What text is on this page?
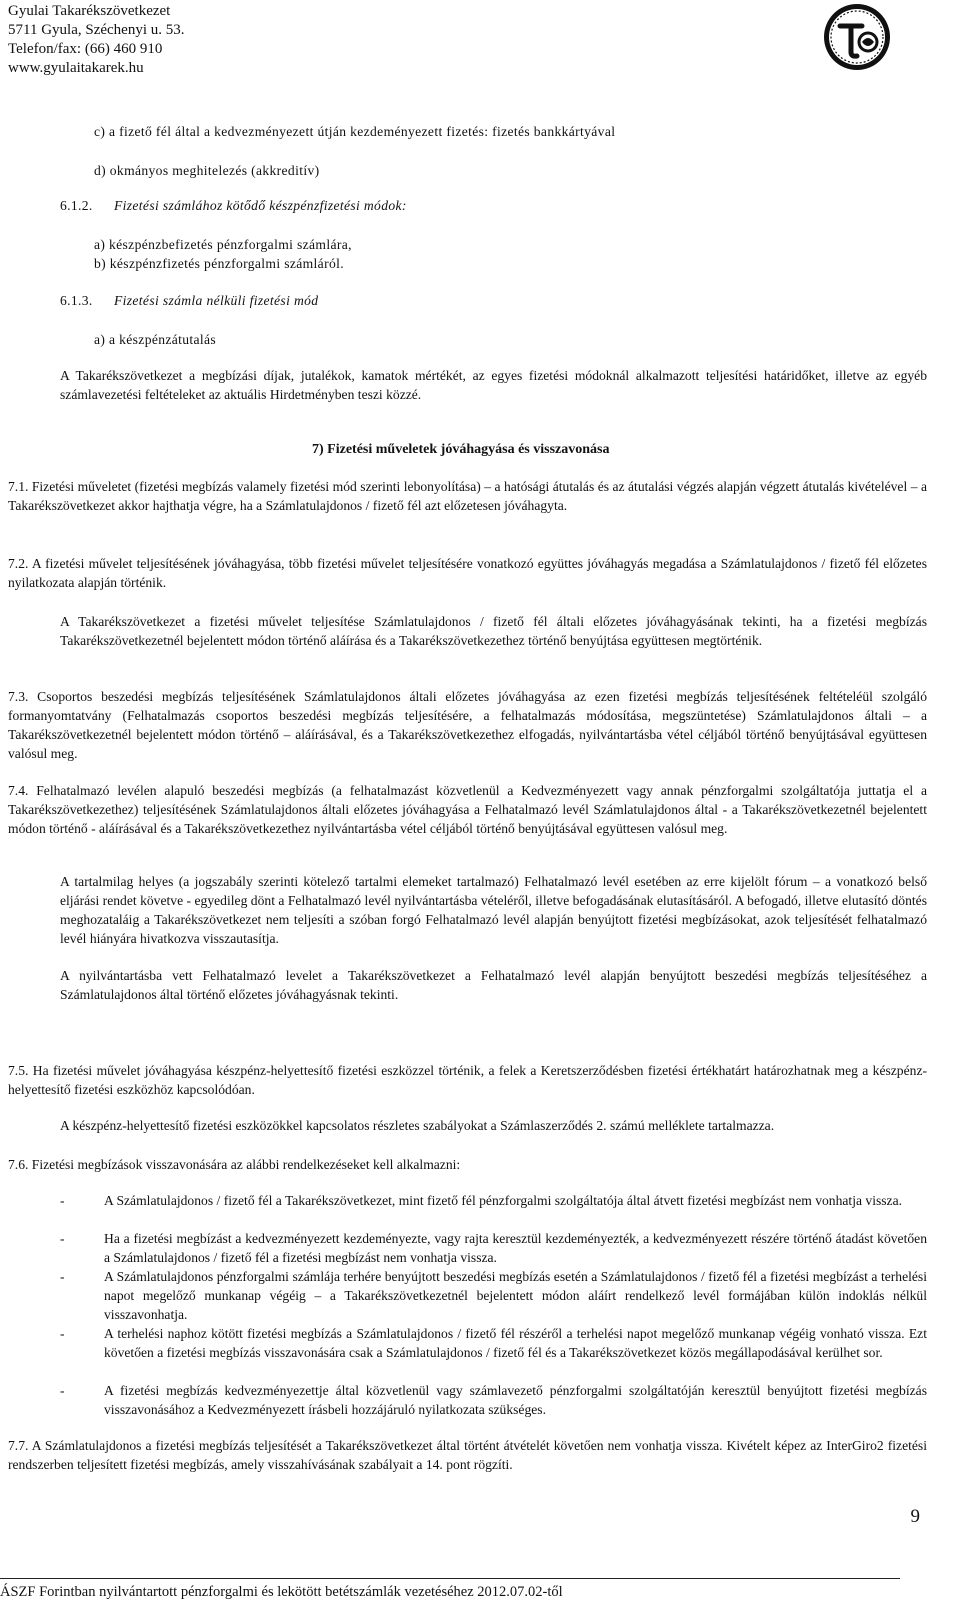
Gyulai Takarékszövetkezet
5711 Gyula, Széchenyi u. 53.
Telefon/fax: (66) 460 910
www.gyulaitakarek.hu
c) a fizető fél által a kedvezményezett útján kezdeményezett fizetés: fizetés bankkártyával
d) okmányos meghitelezés (akkreditív)
6.1.2. Fizetési számlához kötődő készpénzfizetési módok:
a) készpénzbefizetés pénzforgalmi számlára,
b) készpénzfizetés pénzforgalmi számláról.
6.1.3. Fizetési számla nélküli fizetési mód
a) a készpénzátutalás
A Takarékszövetkezet a megbízási díjak, jutalékok, kamatok mértékét, az egyes fizetési módoknál alkalmazott teljesítési határidőket, illetve az egyéb számlavezetési feltételeket az aktuális Hirdetményben teszi közzé.
7) Fizetési műveletek jóváhagyása és visszavonása
7.1. Fizetési műveletet (fizetési megbízás valamely fizetési mód szerinti lebonyolítása) – a hatósági átutalás és az átutalási végzés alapján végzett átutalás kivételével – a Takarékszövetkezet akkor hajthatja végre, ha a Számlatulajdonos / fizető fél azt előzetesen jóváhagyta.
7.2. A fizetési művelet teljesítésének jóváhagyása, több fizetési művelet teljesítésére vonatkozó együttes jóváhagyás megadása a Számlatulajdonos / fizető fél előzetes nyilatkozata alapján történik.
A Takarékszövetkezet a fizetési művelet teljesítése Számlatulajdonos / fizető fél általi előzetes jóváhagyásának tekinti, ha a fizetési megbízás Takarékszövetkezetnél bejelentett módon történő aláírása és a Takarékszövetkezethez történő benyújtása együttesen megtörténik.
7.3. Csoportos beszedési megbízás teljesítésének Számlatulajdonos általi előzetes jóváhagyása az ezen fizetési megbízás teljesítésének feltételéül szolgáló formanyomtatvány (Felhatalmazás csoportos beszedési megbízás teljesítésére, a felhatalmazás módosítása, megszüntetése) Számlatulajdonos általi – a Takarékszövetkezetnél bejelentett módon történő – aláírásával, és a Takarékszövetkezethez elfogadás, nyilvántartásba vétel céljából történő benyújtásával együttesen valósul meg.
7.4. Felhatalmazó levélen alapuló beszedési megbízás (a felhatalmazást közvetlenül a Kedvezményezett vagy annak pénzforgalmi szolgáltatója juttatja el a Takarékszövetkezethez) teljesítésének Számlatulajdonos általi előzetes jóváhagyása a Felhatalmazó levél Számlatulajdonos által - a Takarékszövetkezetnél bejelentett módon történő - aláírásával és a Takarékszövetkezethez nyilvántartásba vétel céljából történő benyújtásával együttesen valósul meg.
A tartalmilag helyes (a jogszabály szerinti kötelező tartalmi elemeket tartalmazó) Felhatalmazó levél esetében az erre kijelölt fórum – a vonatkozó belső eljárási rendet követve - egyedileg dönt a Felhatalmazó levél nyilvántartásba vételéről, illetve befogadásának elutasításáról. A befogadó, illetve elutasító döntés meghozataláig a Takarékszövetkezet nem teljesíti a szóban forgó Felhatalmazó levél alapján benyújtott fizetési megbízásokat, azok teljesítését felhatalmazó levél hiányára hivatkozva visszautasítja.
A nyilvántartásba vett Felhatalmazó levelet a Takarékszövetkezet a Felhatalmazó levél alapján benyújtott beszedési megbízás teljesítéséhez a Számlatulajdonos által történő előzetes jóváhagyásnak tekinti.
7.5. Ha fizetési művelet jóváhagyása készpénz-helyettesítő fizetési eszközzel történik, a felek a Keretszerződésben fizetési értékhatárt határozhatnak meg a készpénz-helyettesítő fizetési eszközhöz kapcsolódóan.
A készpénz-helyettesítő fizetési eszközökkel kapcsolatos részletes szabályokat a Számlaszerződés 2. számú melléklete tartalmazza.
7.6. Fizetési megbízások visszavonására az alábbi rendelkezéseket kell alkalmazni:
-	A Számlatulajdonos / fizető fél a Takarékszövetkezet, mint fizető fél pénzforgalmi szolgáltatója által átvett fizetési megbízást nem vonhatja vissza.
-	Ha a fizetési megbízást a kedvezményezett kezdeményezte, vagy rajta keresztül kezdeményezték, a kedvezményezett részére történő átadást követően a Számlatulajdonos / fizető fél a fizetési megbízást nem vonhatja vissza.
-	A Számlatulajdonos pénzforgalmi számlája terhére benyújtott beszedési megbízás esetén a Számlatulajdonos / fizető fél a fizetési megbízást a terhelési napot megelőző munkanap végéig – a Takarékszövetkezetnél bejelentett módon aláírt rendelkező levél formájában külön indoklás nélkül visszavonhatja.
-	A terhelési naphoz kötött fizetési megbízás a Számlatulajdonos / fizető fél részéről a terhelési napot megelőző munkanap végéig vonható vissza. Ezt követően a fizetési megbízás visszavonására csak a Számlatulajdonos / fizető fél és a Takarékszövetkezet közös megállapodásával kerülhet sor.
-	A fizetési megbízás kedvezményezettje által közvetlenül vagy számlavezető pénzforgalmi szolgáltatóján keresztül benyújtott fizetési megbízás visszavonásához a Kedvezményezett írásbeli hozzájáruló nyilatkozata szükséges.
7.7. A Számlatulajdonos a fizetési megbízás teljesítését a Takarékszövetkezet által történt átvételét követően nem vonhatja vissza. Kivételt képez az InterGiro2 fizetési rendszerben teljesített fizetési megbízás, amely visszahívásának szabályait a 14. pont rögzíti.
9
ÁSZF Forintban nyilvántartott pénzforgalmi és lekötött betétszámlák vezetéséhez 2012.07.02-től
